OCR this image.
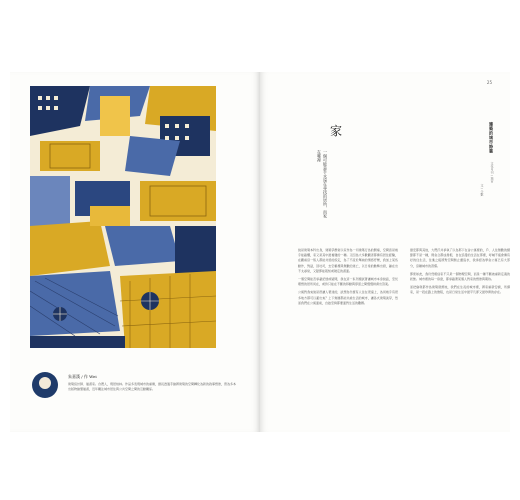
朱嘉漢 / 作 Wei
建築設計師、插畫家。台灣人，現居柏林。作品多表現城市的重疊，擅長透過手繪將建築的空間轉化為新的敘事想像，曾為多本出版物繪製插畫，近年關注城市居住與公共空間之間的互動關係。
25
建築的城市詩篇
文化月刊 / 城市
文 / 少數
家
一個可能是乎永遠在尋找的居所，而家在哪裡

說是建築本科出身，建築學群常以家作為一切建築行為的開端，空間竟是幾乎能載體，家又是其中最複雜的一種。又因為大多數觀者都擁有居住經驗，在觀看這一般人都能共感的設定，為了不流於單純的情感抒懷，我加上某些動作，對話，回吐司，去空帳裡與無數的迷亡，以日常的動勢出發，鋪在出不太尋常，又隨即能報知或破定的畫面。

一個空間能否承載記憶或疑問，我在這一系列裡試著讓城市本身說話，至於理想的居所何在，或許只能在不斷的移動與停留之間慢慢拼湊出答案。

公寓對我來說是很讓人著迷的，試想為什麼有人住在很遠上，為何幾乎有很多地方都可以蓋出來？上下幾層都能共處生活的城市，讓各式建築美學，然而我們在公寓面前，自始至終都要面對生活的難題。

總安都與其他，大們打井爭執了以為那下在舍公寓裡的，戶、人住無數的細節都不是一種，例舍合都成員相，自在浪漫的生活在那裡，呼喊不後會擁有好的住生活，住進之後卻對空間無止盡追求，我承認為掌舍公寓已有大部分，這種城市的習慣。

即使如此，我仍然相信家不只是一個物理空間，而是一種不斷被重新定義的狀態。城市裡的每一扇窗，都承載著某個人對家的想像與期待。

而把倫敦都作為建築發源地，我們在生長的城市裡，將家重新安頓，所謂家，是一段在路上的旅程，也是日常生活中最平凡卻又最珍貴的存在。
